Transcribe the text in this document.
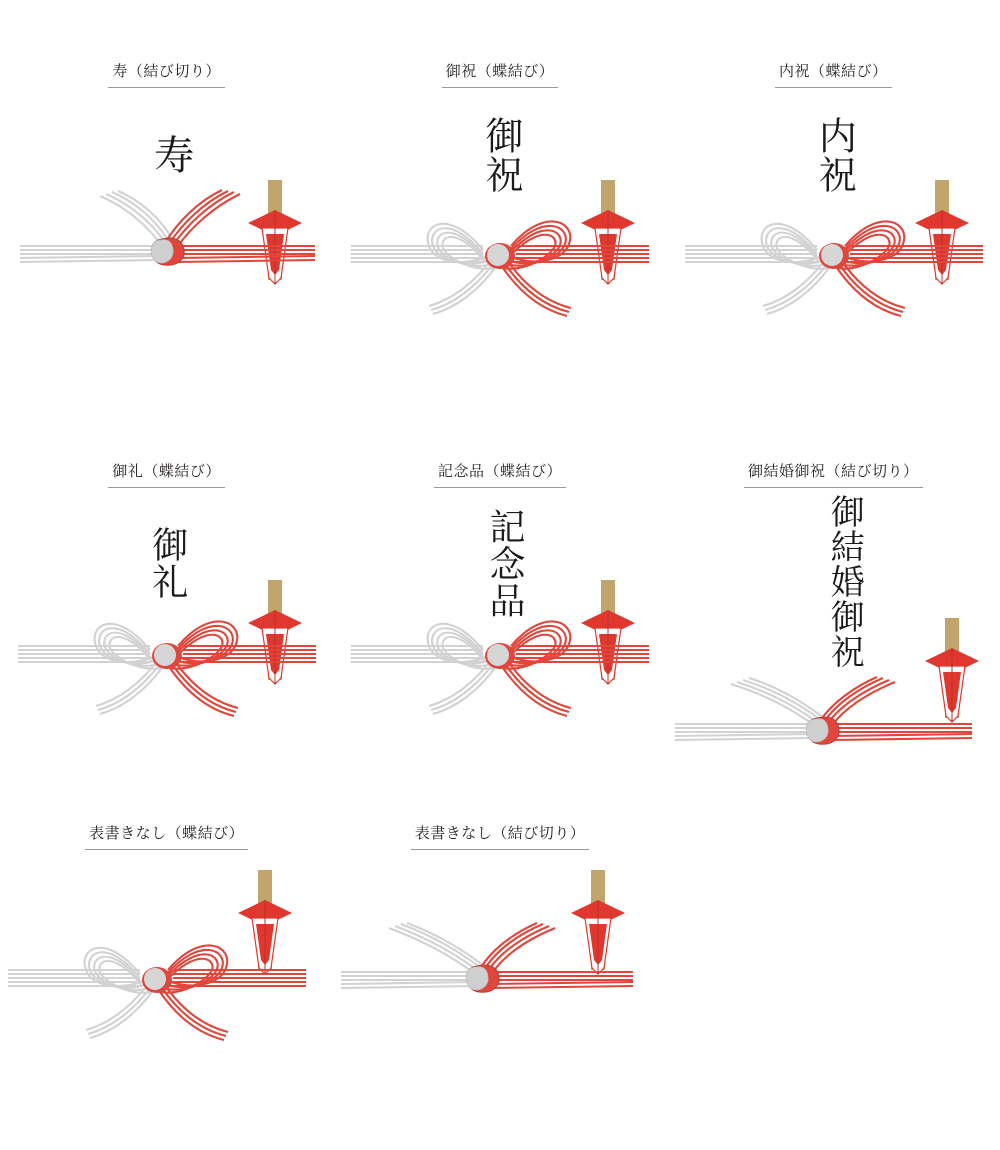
寿（結び切り）
寿
御祝（蝶結び）
御祝
内祝（蝶結び）
内祝
御礼（蝶結び）
御礼
記念品（蝶結び）
記念品
御結婚御祝（結び切り）
御結婚御祝
表書きなし（蝶結び）	表書きなし（結び切り）
